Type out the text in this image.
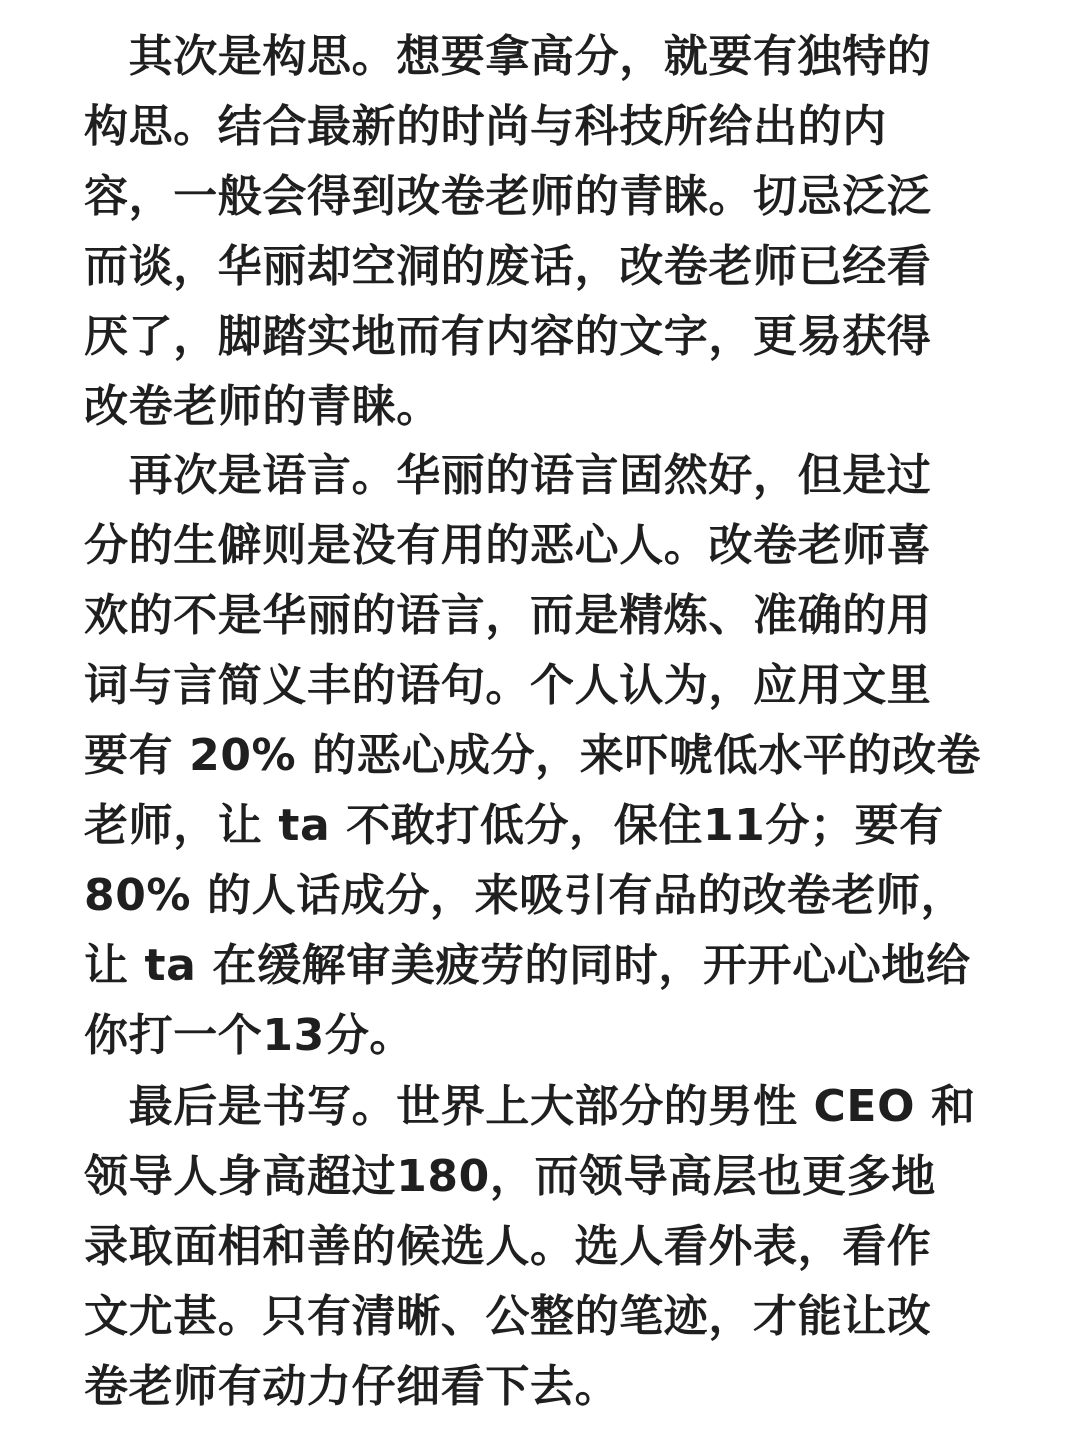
　其次是构思。想要拿高分，就要有独特的
构思。结合最新的时尚与科技所给出的内
容，一般会得到改卷老师的青睐。切忌泛泛
而谈，华丽却空洞的废话，改卷老师已经看
厌了，脚踏实地而有内容的文字，更易获得
改卷老师的青睐。
　再次是语言。华丽的语言固然好，但是过
分的生僻则是没有用的恶心人。改卷老师喜
欢的不是华丽的语言，而是精炼、准确的用
词与言简义丰的语句。个人认为，应用文里
要有 20% 的恶心成分，来吓唬低水平的改卷
老师，让 ta 不敢打低分，保住11分；要有
80% 的人话成分，来吸引有品的改卷老师，
让 ta 在缓解审美疲劳的同时，开开心心地给
你打一个13分。
　最后是书写。世界上大部分的男性 CEO 和
领导人身高超过180，而领导高层也更多地
录取面相和善的候选人。选人看外表，看作
文尤甚。只有清晰、公整的笔迹，才能让改
卷老师有动力仔细看下去。
